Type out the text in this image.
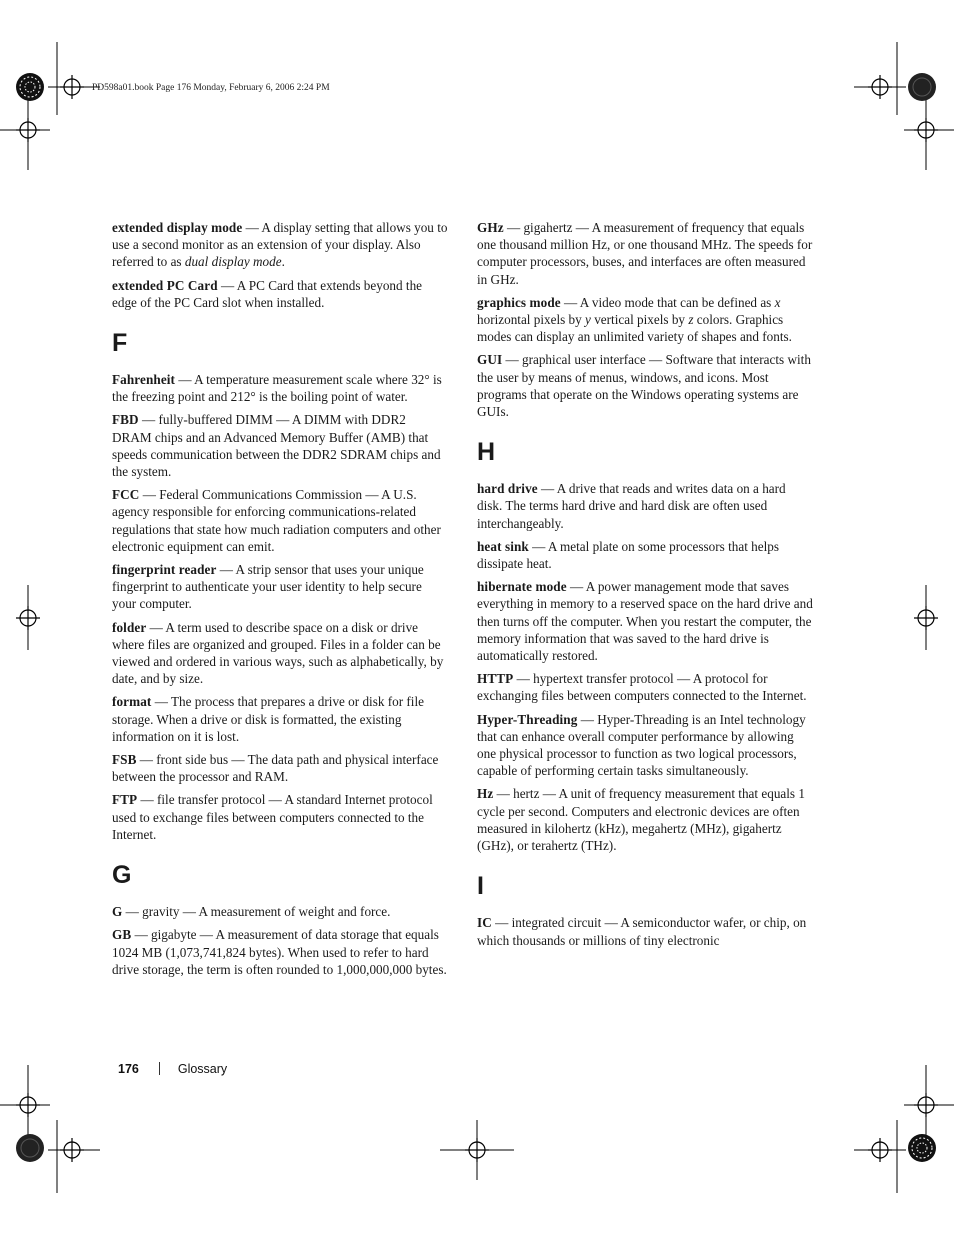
PD598a01.book Page 176 Monday, February 6, 2006 2:24 PM

extended display mode — A display setting that allows you to use a second monitor as an extension of your display. Also referred to as dual display mode.

extended PC Card — A PC Card that extends beyond the edge of the PC Card slot when installed.

F

Fahrenheit — A temperature measurement scale where 32° is the freezing point and 212° is the boiling point of water.

FBD — fully-buffered DIMM — A DIMM with DDR2 DRAM chips and an Advanced Memory Buffer (AMB) that speeds communication between the DDR2 SDRAM chips and the system.

FCC — Federal Communications Commission — A U.S. agency responsible for enforcing communications-related regulations that state how much radiation computers and other electronic equipment can emit.

fingerprint reader — A strip sensor that uses your unique fingerprint to authenticate your user identity to help secure your computer.

folder — A term used to describe space on a disk or drive where files are organized and grouped. Files in a folder can be viewed and ordered in various ways, such as alphabetically, by date, and by size.

format — The process that prepares a drive or disk for file storage. When a drive or disk is formatted, the existing information on it is lost.

FSB — front side bus — The data path and physical interface between the processor and RAM.

FTP — file transfer protocol — A standard Internet protocol used to exchange files between computers connected to the Internet.

G

G — gravity — A measurement of weight and force.

GB — gigabyte — A measurement of data storage that equals 1024 MB (1,073,741,824 bytes). When used to refer to hard drive storage, the term is often rounded to 1,000,000,000 bytes.

GHz — gigahertz — A measurement of frequency that equals one thousand million Hz, or one thousand MHz. The speeds for computer processors, buses, and interfaces are often measured in GHz.

graphics mode — A video mode that can be defined as x horizontal pixels by y vertical pixels by z colors. Graphics modes can display an unlimited variety of shapes and fonts.

GUI — graphical user interface — Software that interacts with the user by means of menus, windows, and icons. Most programs that operate on the Windows operating systems are GUIs.

H

hard drive — A drive that reads and writes data on a hard disk. The terms hard drive and hard disk are often used interchangeably.

heat sink — A metal plate on some processors that helps dissipate heat.

hibernate mode — A power management mode that saves everything in memory to a reserved space on the hard drive and then turns off the computer. When you restart the computer, the memory information that was saved to the hard drive is automatically restored.

HTTP — hypertext transfer protocol — A protocol for exchanging files between computers connected to the Internet.

Hyper-Threading — Hyper-Threading is an Intel technology that can enhance overall computer performance by allowing one physical processor to function as two logical processors, capable of performing certain tasks simultaneously.

Hz — hertz — A unit of frequency measurement that equals 1 cycle per second. Computers and electronic devices are often measured in kilohertz (kHz), megahertz (MHz), gigahertz (GHz), or terahertz (THz).

I

IC — integrated circuit — A semiconductor wafer, or chip, on which thousands or millions of tiny electronic

176	Glossary
